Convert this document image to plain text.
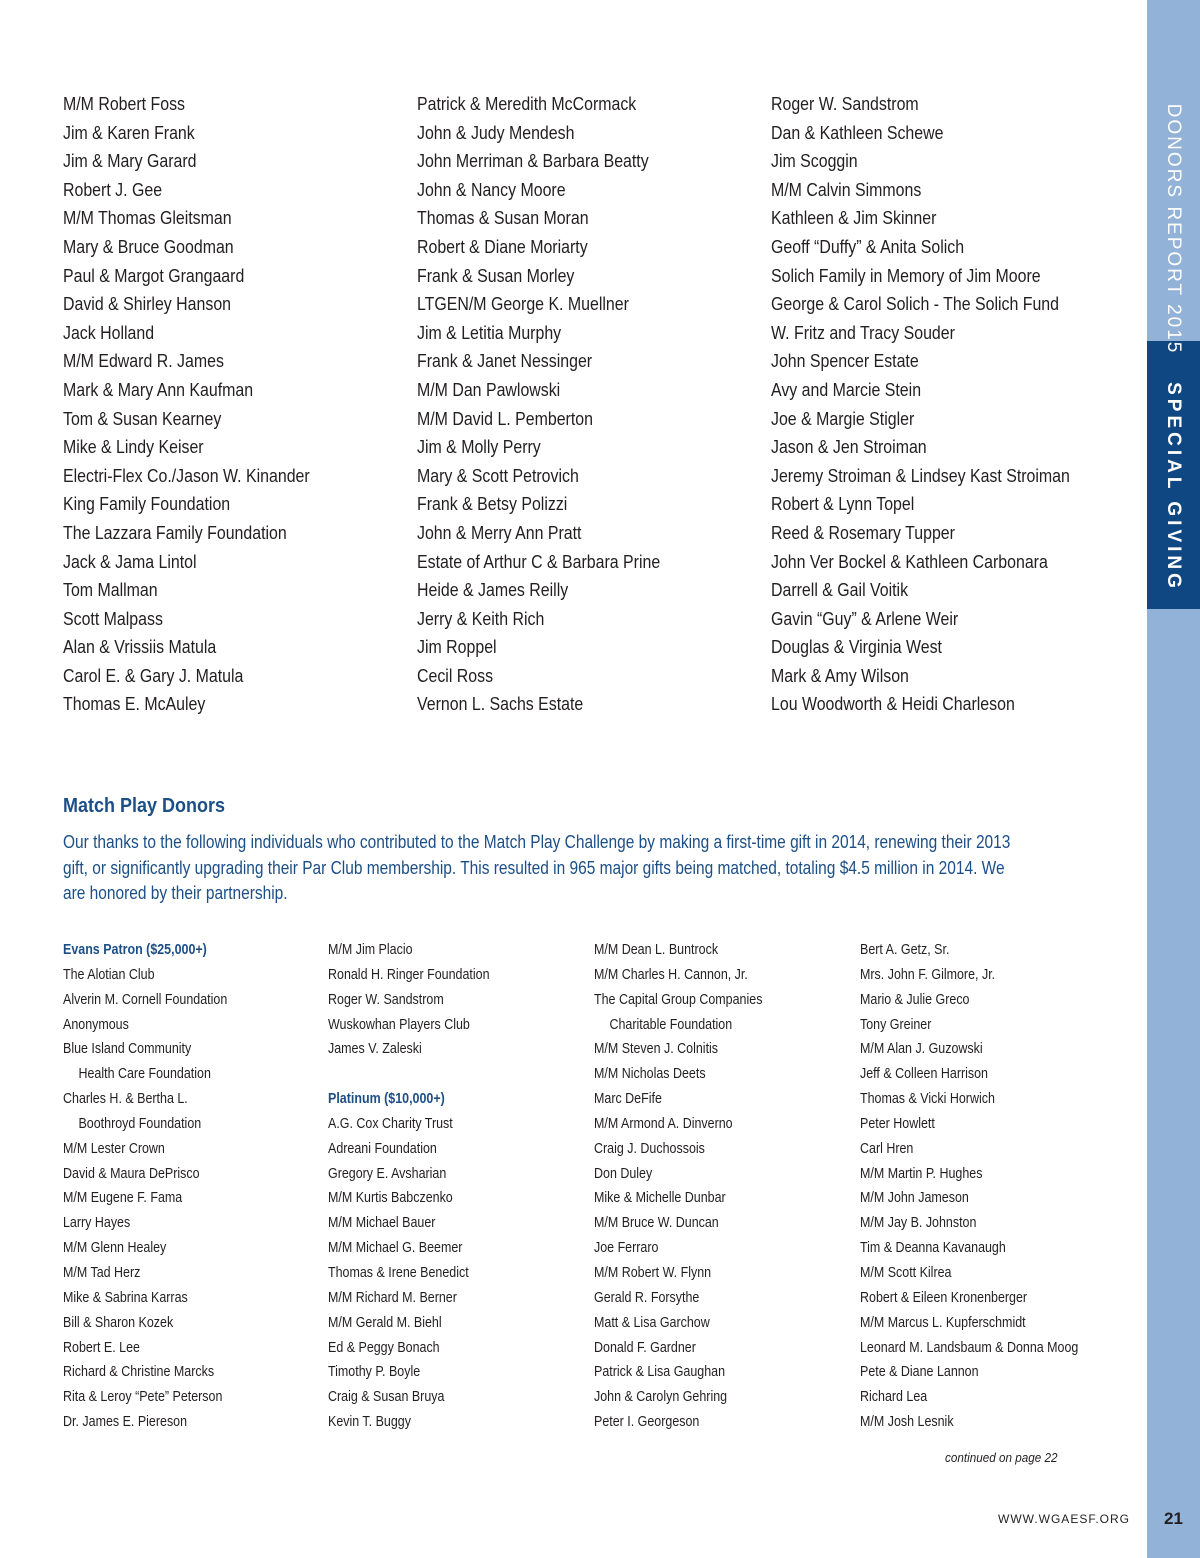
DONORS REPORT 2015
SPECIAL GIVING
M/M Robert Foss
Jim & Karen Frank
Jim & Mary Garard
Robert J. Gee
M/M Thomas Gleitsman
Mary & Bruce Goodman
Paul & Margot Grangaard
David & Shirley Hanson
Jack Holland
M/M Edward R. James
Mark & Mary Ann Kaufman
Tom & Susan Kearney
Mike & Lindy Keiser
Electri-Flex Co./Jason W. Kinander
King Family Foundation
The Lazzara Family Foundation
Jack & Jama Lintol
Tom Mallman
Scott Malpass
Alan & Vrissiis Matula
Carol E. & Gary J. Matula
Thomas E. McAuley
Patrick & Meredith McCormack
John & Judy Mendesh
John Merriman & Barbara Beatty
John & Nancy Moore
Thomas & Susan Moran
Robert & Diane Moriarty
Frank & Susan Morley
LTGEN/M George K. Muellner
Jim & Letitia Murphy
Frank & Janet Nessinger
M/M Dan Pawlowski
M/M David L. Pemberton
Jim & Molly Perry
Mary & Scott Petrovich
Frank & Betsy Polizzi
John & Merry Ann Pratt
Estate of Arthur C & Barbara Prine
Heide & James Reilly
Jerry & Keith Rich
Jim Roppel
Cecil Ross
Vernon L. Sachs Estate
Roger W. Sandstrom
Dan & Kathleen Schewe
Jim Scoggin
M/M Calvin Simmons
Kathleen & Jim Skinner
Geoff “Duffy” & Anita Solich
Solich Family in Memory of Jim Moore
George & Carol Solich - The Solich Fund
W. Fritz and Tracy Souder
John Spencer Estate
Avy and Marcie Stein
Joe & Margie Stigler
Jason & Jen Stroiman
Jeremy Stroiman & Lindsey Kast Stroiman
Robert & Lynn Topel
Reed & Rosemary Tupper
John Ver Bockel & Kathleen Carbonara
Darrell & Gail Voitik
Gavin “Guy” & Arlene Weir
Douglas & Virginia West
Mark & Amy Wilson
Lou Woodworth & Heidi Charleson
Match Play Donors
Our thanks to the following individuals who contributed to the Match Play Challenge by making a first-time gift in 2014, renewing their 2013 gift, or significantly upgrading their Par Club membership. This resulted in 965 major gifts being matched, totaling $4.5 million in 2014. We are honored by their partnership.
Evans Patron ($25,000+)
The Alotian Club
Alverin M. Cornell Foundation
Anonymous
Blue Island Community
Health Care Foundation
Charles H. & Bertha L.
Boothroyd Foundation
M/M Lester Crown
David & Maura DePrisco
M/M Eugene F. Fama
Larry Hayes
M/M Glenn Healey
M/M Tad Herz
Mike & Sabrina Karras
Bill & Sharon Kozek
Robert E. Lee
Richard & Christine Marcks
Rita & Leroy “Pete” Peterson
Dr. James E. Piereson
M/M Jim Placio
Ronald H. Ringer Foundation
Roger W. Sandstrom
Wuskowhan Players Club
James V. Zaleski
Platinum ($10,000+)
A.G. Cox Charity Trust
Adreani Foundation
Gregory E. Avsharian
M/M Kurtis Babczenko
M/M Michael Bauer
M/M Michael G. Beemer
Thomas & Irene Benedict
M/M Richard M. Berner
M/M Gerald M. Biehl
Ed & Peggy Bonach
Timothy P. Boyle
Craig & Susan Bruya
Kevin T. Buggy
M/M Dean L. Buntrock
M/M Charles H. Cannon, Jr.
The Capital Group Companies
Charitable Foundation
M/M Steven J. Colnitis
M/M Nicholas Deets
Marc DeFife
M/M Armond A. Dinverno
Craig J. Duchossois
Don Duley
Mike & Michelle Dunbar
M/M Bruce W. Duncan
Joe Ferraro
M/M Robert W. Flynn
Gerald R. Forsythe
Matt & Lisa Garchow
Donald F. Gardner
Patrick & Lisa Gaughan
John & Carolyn Gehring
Peter I. Georgeson
Bert A. Getz, Sr.
Mrs. John F. Gilmore, Jr.
Mario & Julie Greco
Tony Greiner
M/M Alan J. Guzowski
Jeff & Colleen Harrison
Thomas & Vicki Horwich
Peter Howlett
Carl Hren
M/M Martin P. Hughes
M/M John Jameson
M/M Jay B. Johnston
Tim & Deanna Kavanaugh
M/M Scott Kilrea
Robert & Eileen Kronenberger
M/M Marcus L. Kupferschmidt
Leonard M. Landsbaum & Donna Moog
Pete & Diane Lannon
Richard Lea
M/M Josh Lesnik
continued on page 22
WWW.WGAESF.ORG	21
